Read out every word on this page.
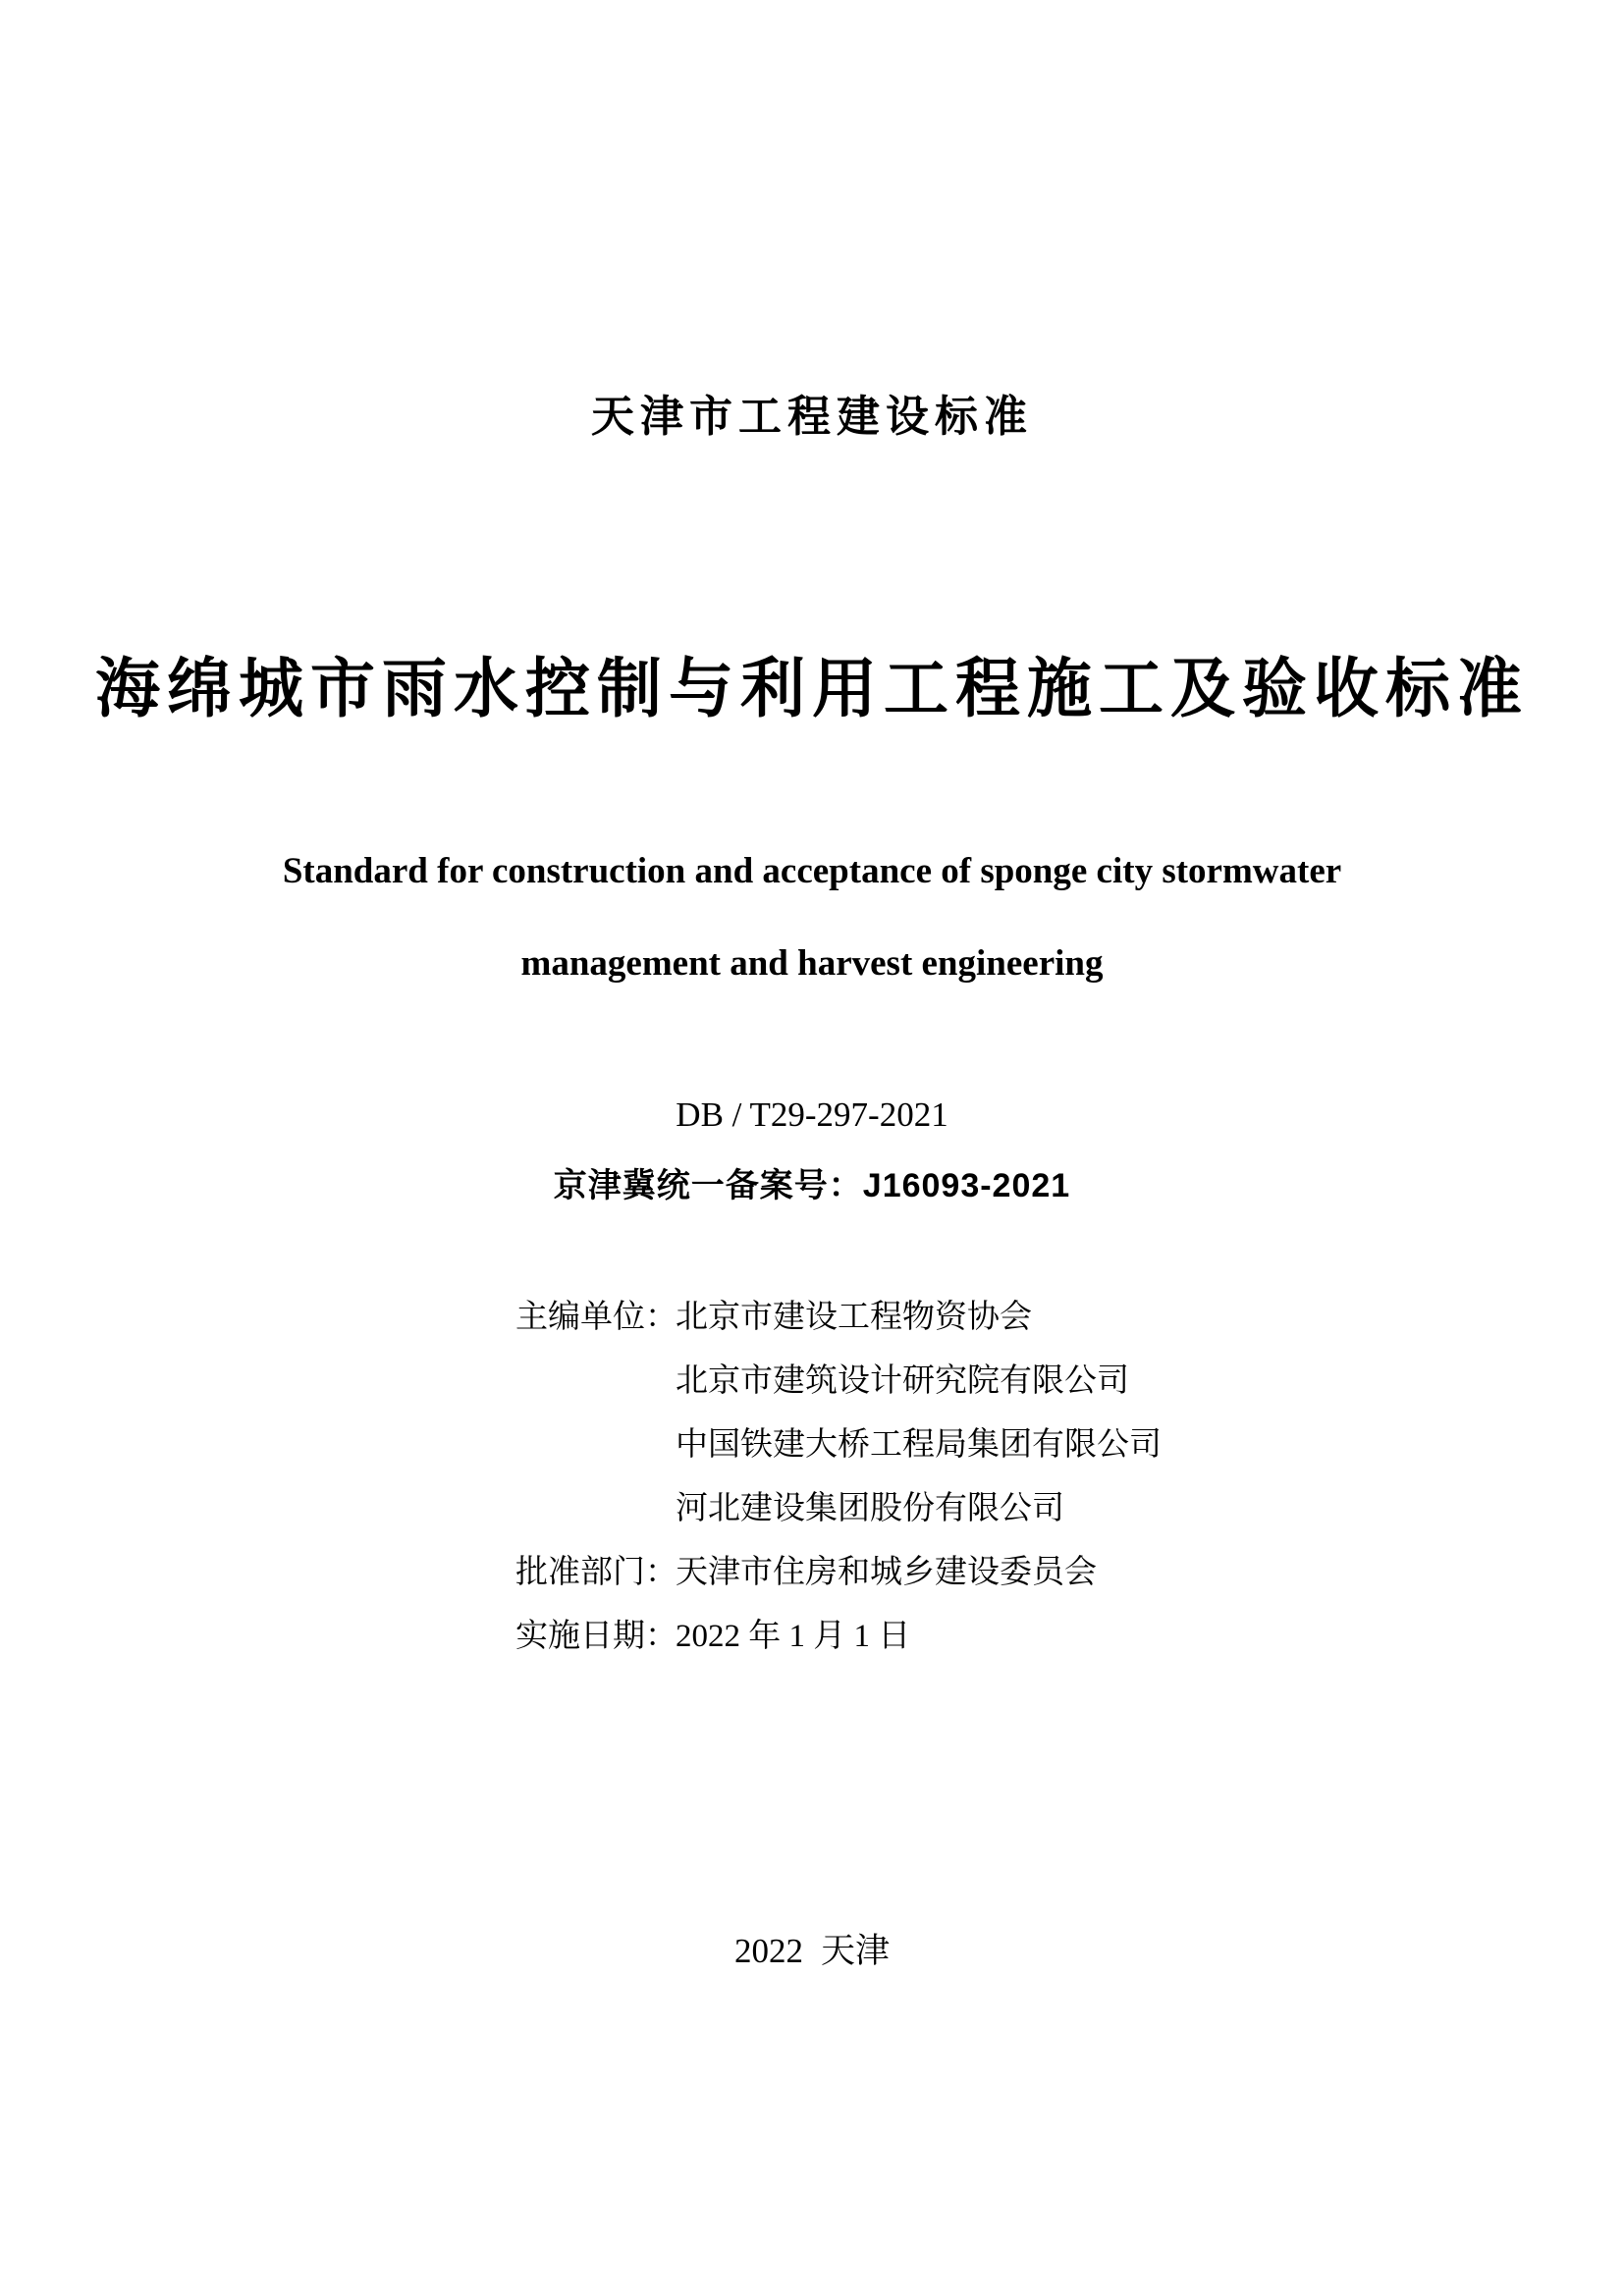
天津市工程建设标准
海绵城市雨水控制与利用工程施工及验收标准
Standard for construction and acceptance of sponge city stormwater
management and harvest engineering
DB / T29-297-2021
京津冀统一备案号：J16093-2021
主编单位：北京市建设工程物资协会
北京市建筑设计研究院有限公司
中国铁建大桥工程局集团有限公司
河北建设集团股份有限公司
批准部门：天津市住房和城乡建设委员会
实施日期：2022 年 1 月 1 日
2022 天津
